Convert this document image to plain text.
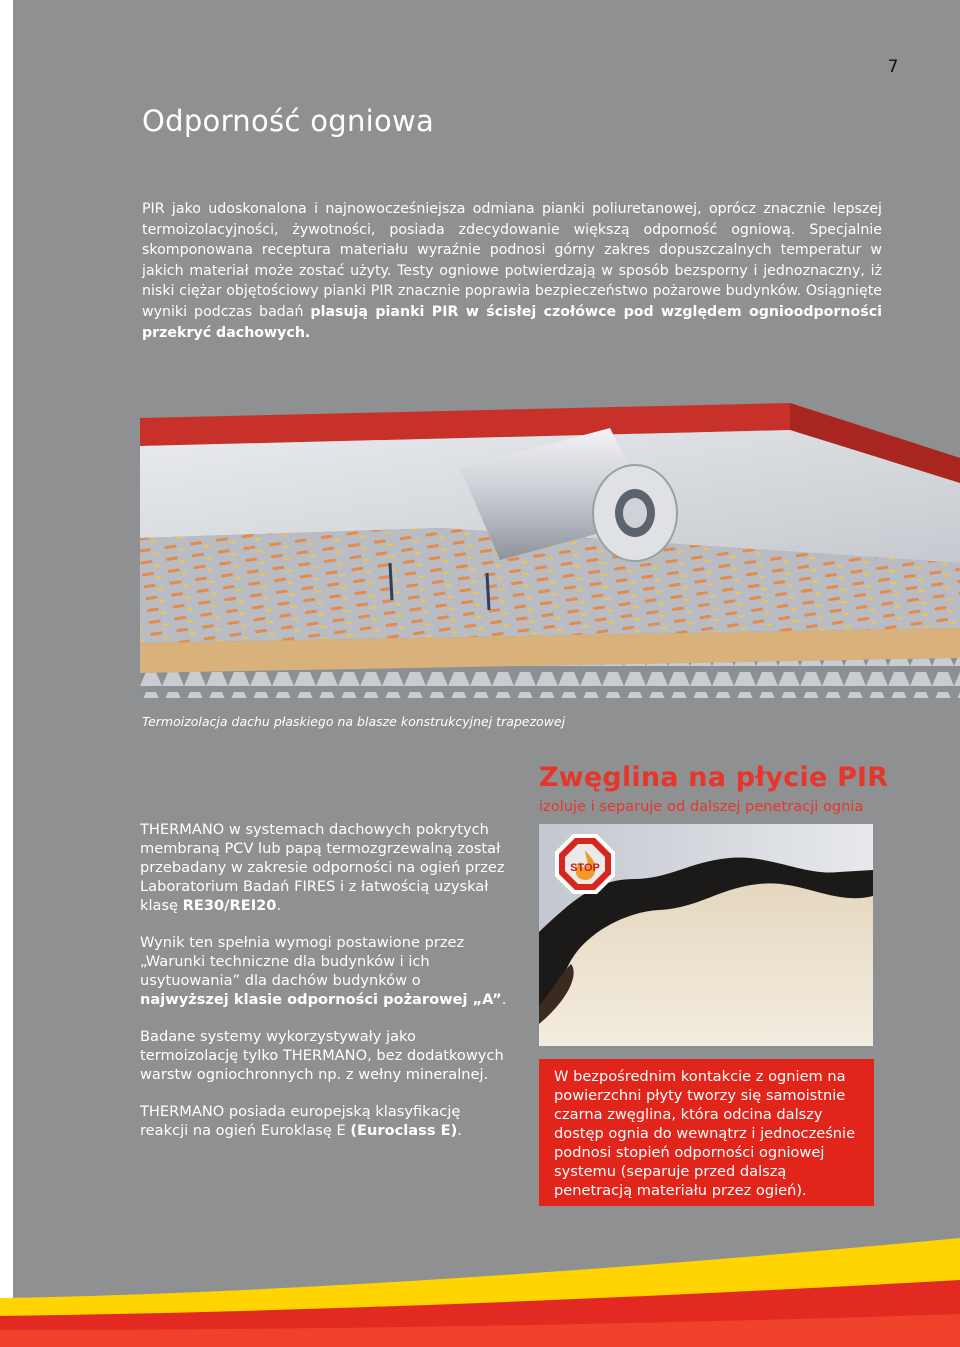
7
Odporność ogniowa

PIR jako udoskonalona i najnowocześniejsza odmiana pianki poliuretanowej, oprócz znacznie lepszej termoizolacyjności, żywotności, posiada zdecydowanie większą odporność ogniową. Specjalnie skomponowana receptura materiału wyraźnie podnosi górny zakres dopuszczalnych temperatur w jakich materiał może zostać użyty. Testy ogniowe potwierdzają w sposób bezsporny i jednoznaczny, iż niski ciężar objętościowy pianki PIR znacznie poprawia bezpieczeństwo pożarowe budynków. Osiągnięte wyniki podczas badań plasują pianki PIR w ścisłej czołówce pod względem ognioodporności przekryć dachowych.

Termoizolacja dachu płaskiego na blasze konstrukcyjnej trapezowej

THERMANO w systemach dachowych pokrytych membraną PCV lub papą termozgrzewalną został przebadany w zakresie odporności na ogień przez Laboratorium Badań FIRES i z łatwością uzyskał klasę RE30/REI20.

Wynik ten spełnia wymogi postawione przez „Warunki techniczne dla budynków i ich usytuowania” dla dachów budynków o najwyższej klasie odporności pożarowej „A”.

Badane systemy wykorzystywały jako termoizolację tylko THERMANO, bez dodatkowych warstw ogniochronnych np. z wełny mineralnej.

THERMANO posiada europejską klasyfikację reakcji na ogień Euroklasę E (Euroclass E).

Zwęglina na płycie PIR

izoluje i separuje od dalszej penetracji ognia

STOP
W bezpośrednim kontakcie z ogniem na powierzchni płyty tworzy się samoistnie czarna zwęglina, która odcina dalszy dostęp ognia do wewnątrz i jednocześnie podnosi stopień odporności ogniowej systemu (separuje przed dalszą penetracją materiału przez ogień).
